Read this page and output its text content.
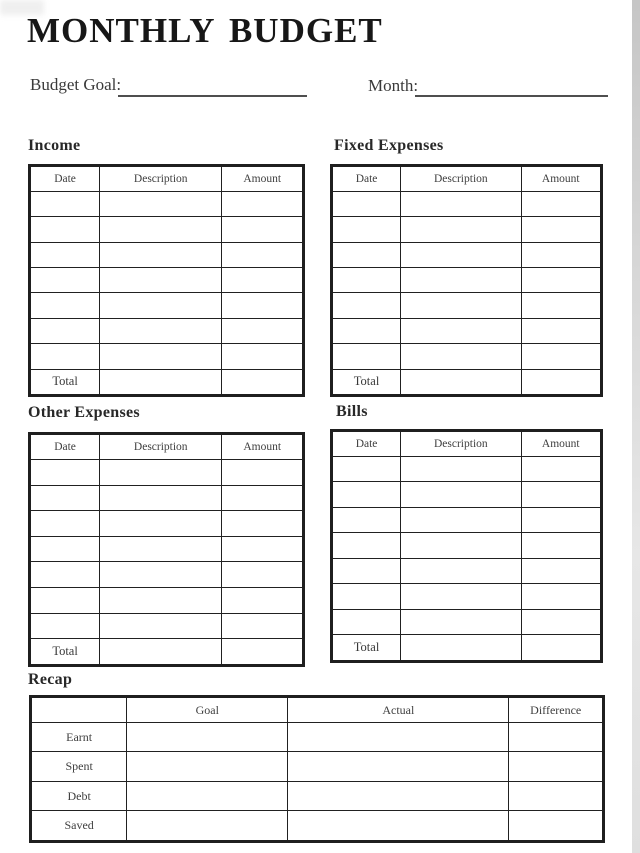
MONTHLY BUDGET
Budget Goal:	Month:
Income
Date	Description	Amount

Total		
Fixed Expenses
Date	Description	Amount

Total		
Other Expenses
Date	Description	Amount

Total		
Bills
Date	Description	Amount

Total		
Recap
	Goal	Actual	Difference
Earnt			
Spent			
Debt			
Saved			
